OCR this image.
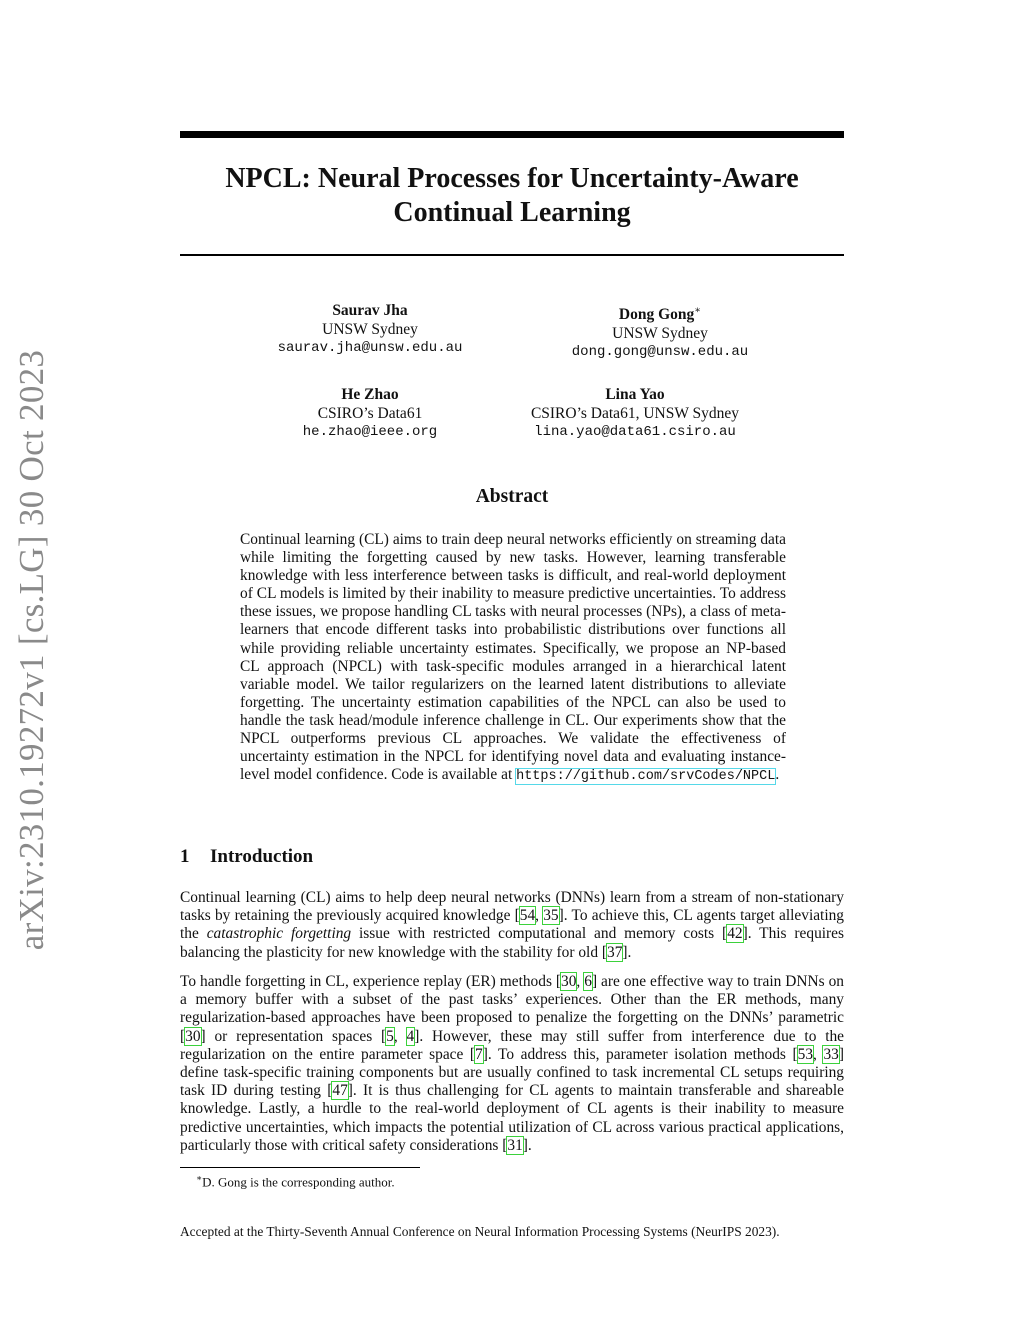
arXiv:2310.19272v1 [cs.LG] 30 Oct 2023
NPCL: Neural Processes for Uncertainty-Aware
Continual Learning
Saurav Jha
UNSW Sydney
saurav.jha@unsw.edu.au
Dong Gong∗
UNSW Sydney
dong.gong@unsw.edu.au
He Zhao
CSIRO’s Data61
he.zhao@ieee.org
Lina Yao
CSIRO’s Data61, UNSW Sydney
lina.yao@data61.csiro.au
Abstract

Continual learning (CL) aims to train deep neural networks efficiently on streaming data while limiting the forgetting caused by new tasks. However, learning transferable knowledge with less interference between tasks is difficult, and real-world deployment of CL models is limited by their inability to measure predictive uncertainties. To address these issues, we propose handling CL tasks with neural processes (NPs), a class of meta-learners that encode different tasks into probabilistic distributions over functions all while providing reliable uncertainty estimates. Specifically, we propose an NP-based CL approach (NPCL) with task-specific modules arranged in a hierarchical latent variable model. We tailor regularizers on the learned latent distributions to alleviate forgetting. The uncertainty estimation capabilities of the NPCL can also be used to handle the task head/module inference challenge in CL. Our experiments show that the NPCL outperforms previous CL approaches. We validate the effectiveness of uncertainty estimation in the NPCL for identifying novel data and evaluating instance-level model confidence. Code is available at https://github.com/srvCodes/NPCL.

1 Introduction

Continual learning (CL) aims to help deep neural networks (DNNs) learn from a stream of non-stationary tasks by retaining the previously acquired knowledge [54, 35]. To achieve this, CL agents target alleviating the catastrophic forgetting issue with restricted computational and memory costs [42]. This requires balancing the plasticity for new knowledge with the stability for old [37].

To handle forgetting in CL, experience replay (ER) methods [30, 6] are one effective way to train DNNs on a memory buffer with a subset of the past tasks’ experiences. Other than the ER methods, many regularization-based approaches have been proposed to penalize the forgetting on the DNNs’ parametric [30] or representation spaces [5, 4]. However, these may still suffer from interference due to the regularization on the entire parameter space [7]. To address this, parameter isolation methods [53, 33] define task-specific training components but are usually confined to task incremental CL setups requiring task ID during testing [47]. It is thus challenging for CL agents to maintain transferable and shareable knowledge. Lastly, a hurdle to the real-world deployment of CL agents is their inability to measure predictive uncertainties, which impacts the potential utilization of CL across various practical applications, particularly those with critical safety considerations [31].

∗D. Gong is the corresponding author.

Accepted at the Thirty-Seventh Annual Conference on Neural Information Processing Systems (NeurIPS 2023).
